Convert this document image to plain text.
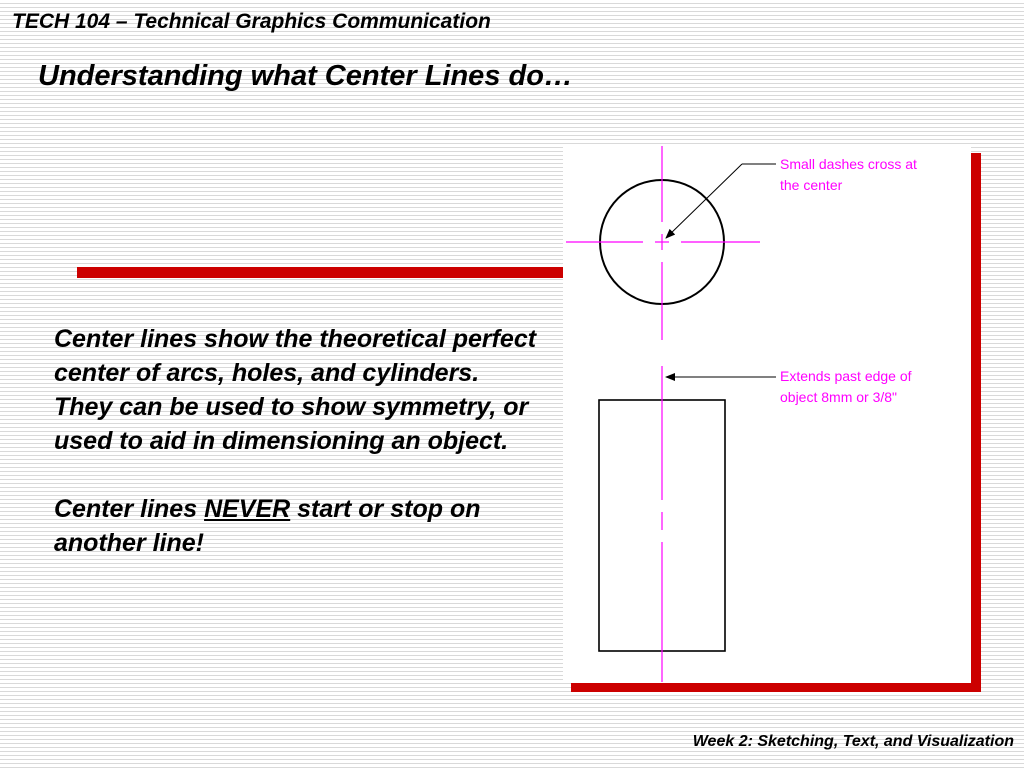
TECH 104 – Technical Graphics Communication
Understanding what Center Lines do…

Center lines show the theoretical perfect center of arcs, holes, and cylinders. They can be used to show symmetry, or used to aid in dimensioning an object.

Center lines NEVER start or stop on another line!

Small dashes cross at
the center
Extends past edge of
object 8mm or 3/8"
Week 2: Sketching, Text, and Visualization
